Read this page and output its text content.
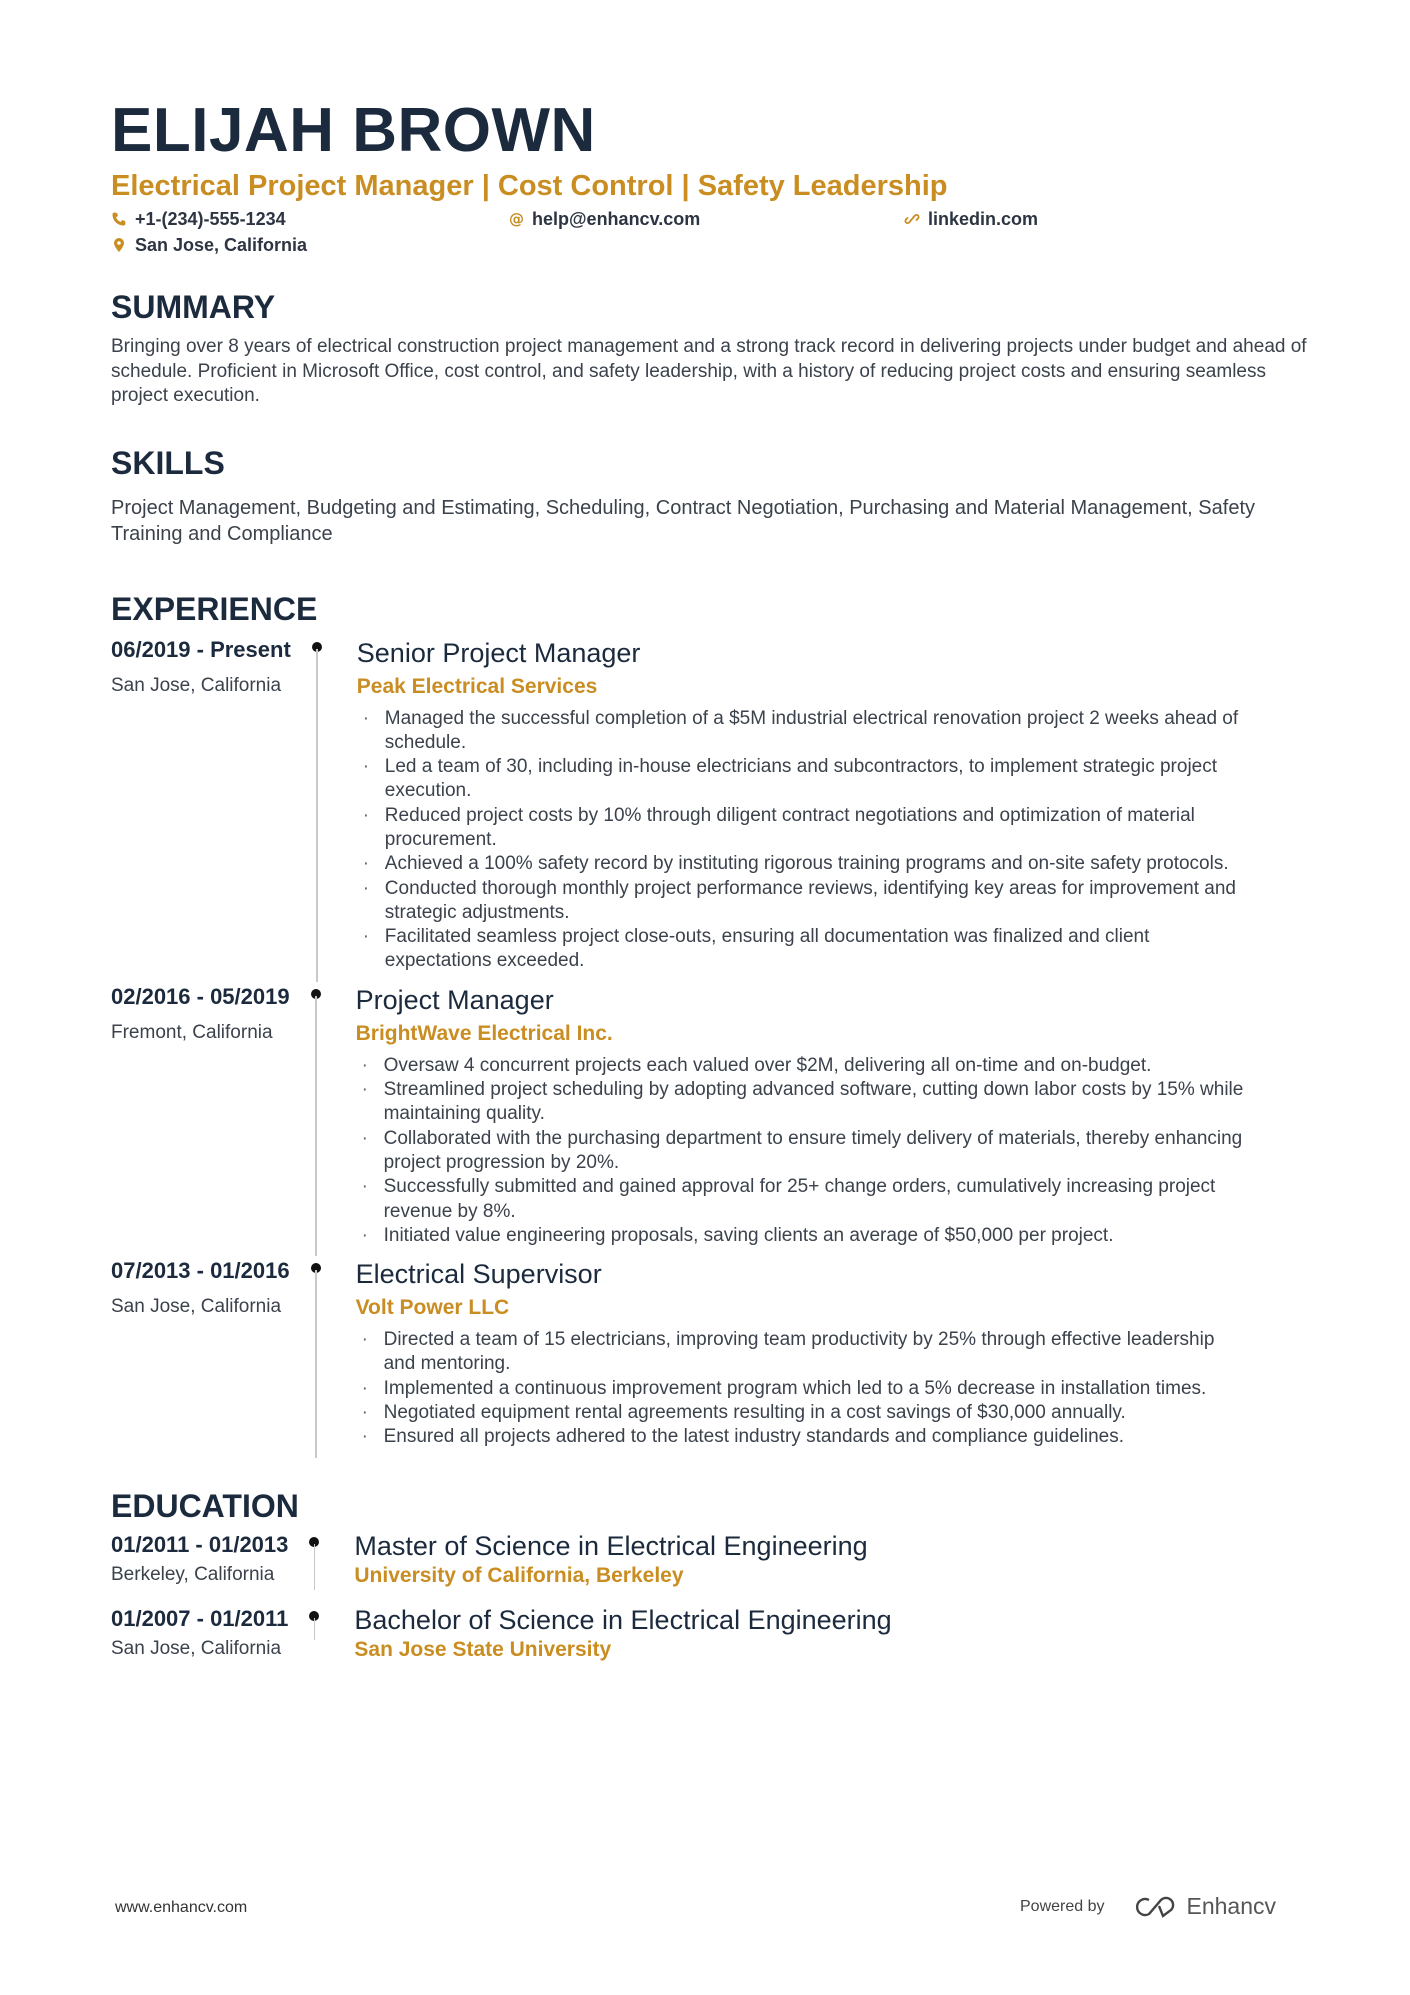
ELIJAH BROWN
Electrical Project Manager | Cost Control | Safety Leadership
+1-(234)-555-1234	@ help@enhancv.com	linkedin.com
San Jose, California
SUMMARY
Bringing over 8 years of electrical construction project management and a strong track record in delivering projects under budget and ahead of schedule. Proficient in Microsoft Office, cost control, and safety leadership, with a history of reducing project costs and ensuring seamless project execution.
SKILLS
Project Management, Budgeting and Estimating, Scheduling, Contract Negotiation, Purchasing and Material Management, Safety Training and Compliance
EXPERIENCE
06/2019 - Present
San Jose, California
Senior Project Manager
Peak Electrical Services
· Managed the successful completion of a $5M industrial electrical renovation project 2 weeks ahead of schedule.
· Led a team of 30, including in-house electricians and subcontractors, to implement strategic project execution.
· Reduced project costs by 10% through diligent contract negotiations and optimization of material procurement.
· Achieved a 100% safety record by instituting rigorous training programs and on-site safety protocols.
· Conducted thorough monthly project performance reviews, identifying key areas for improvement and strategic adjustments.
· Facilitated seamless project close-outs, ensuring all documentation was finalized and client expectations exceeded.
02/2016 - 05/2019
Fremont, California
Project Manager
BrightWave Electrical Inc.
· Oversaw 4 concurrent projects each valued over $2M, delivering all on-time and on-budget.
· Streamlined project scheduling by adopting advanced software, cutting down labor costs by 15% while maintaining quality.
· Collaborated with the purchasing department to ensure timely delivery of materials, thereby enhancing project progression by 20%.
· Successfully submitted and gained approval for 25+ change orders, cumulatively increasing project revenue by 8%.
· Initiated value engineering proposals, saving clients an average of $50,000 per project.
07/2013 - 01/2016
San Jose, California
Electrical Supervisor
Volt Power LLC
· Directed a team of 15 electricians, improving team productivity by 25% through effective leadership and mentoring.
· Implemented a continuous improvement program which led to a 5% decrease in installation times.
· Negotiated equipment rental agreements resulting in a cost savings of $30,000 annually.
· Ensured all projects adhered to the latest industry standards and compliance guidelines.
EDUCATION
01/2011 - 01/2013
Berkeley, California
Master of Science in Electrical Engineering
University of California, Berkeley
01/2007 - 01/2011
San Jose, California
Bachelor of Science in Electrical Engineering
San Jose State University
www.enhancv.com	Powered by	Enhancv
